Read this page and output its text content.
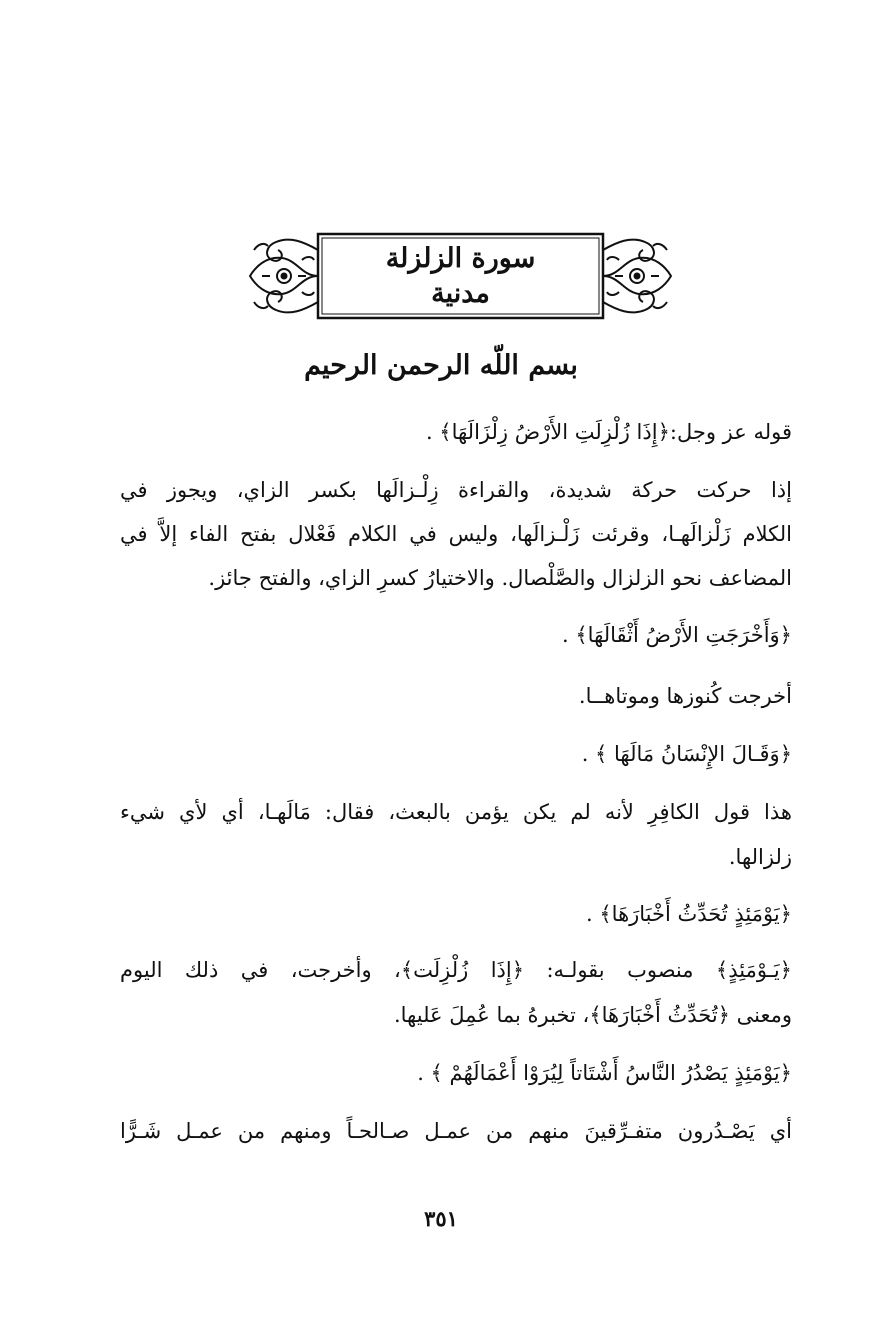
سورة الزلزلة
مدنية
بسم اللّه الرحمن الرحيم
قوله عز وجل:﴿إِذَا زُلْزِلَتِ الأَرْضُ زِلْزَالَهَا﴾ .
إذا حركت حركة شديدة، والقراءة زِلْـزالَها بكسر الزاي، ويجوز في
الكلام زَلْزالَهـا، وقرئت زَلْـزالَها، وليس في الكلام فَعْلال بفتح الفاء إلاَّ في
المضاعف نحو الزلزال والصَّلْصال. والاختيارُ كسرِ الزاي، والفتح جائز.
﴿وَأَخْرَجَتِ الأَرْضُ أَثْقَالَهَا﴾ .
أخرجت كُنوزها وموتاهــا.
﴿وَقَـالَ الإِنْسَانُ مَالَهَا ﴾ .
هذا قول الكافِرِ لأنه لم يكن يؤمن بالبعث، فقال: مَالَهـا، أي لأي شيء
زلزالها.
﴿يَوْمَئِذٍ تُحَدِّثُ أَخْبَارَهَا﴾ .
﴿يَـوْمَئِذٍ﴾ منصوب بقولـه: ﴿إِذَا زُلْزِلَت﴾، وأخرجت، في ذلك اليوم
ومعنى ﴿تُحَدِّثُ أَخْبَارَهَا﴾، تخبرهُ بما عُمِلَ عَليها.
﴿يَوْمَئِذٍ يَصْدُرُ النَّاسُ أَشْتَاتاً لِيُرَوْا أَعْمَالَهُمْ ﴾ .
أي يَصْـدُرون متفـرِّقينَ منهم من عمـل صـالحـاً ومنهم من عمـل شَـرًّا
٣٥١
